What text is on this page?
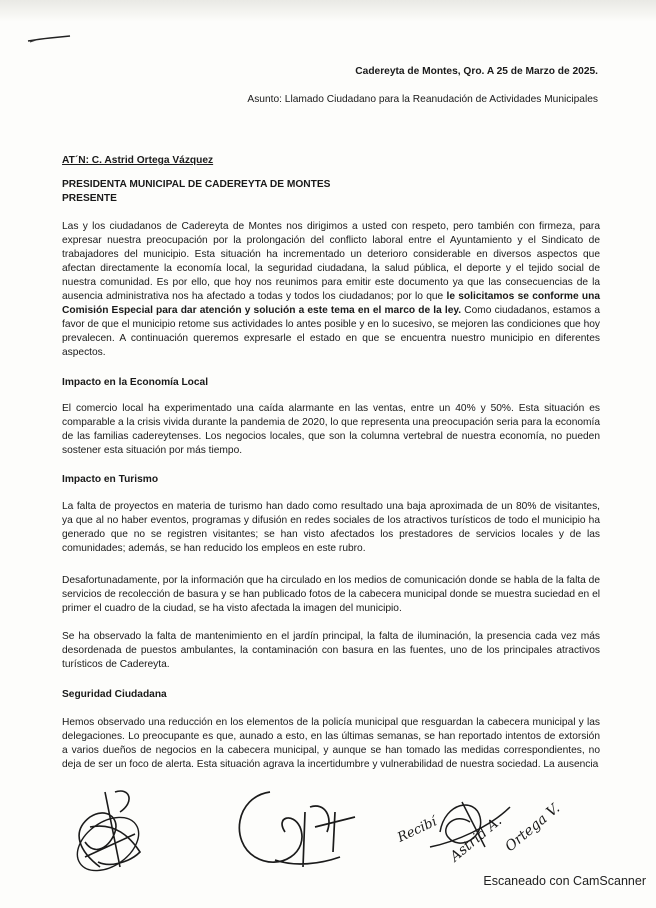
Cadereyta de Montes, Qro. A 25 de Marzo de 2025.
Asunto: Llamado Ciudadano para la Reanudación de Actividades Municipales
AT´N: C. Astrid Ortega Vázquez

PRESIDENTA MUNICIPAL DE CADEREYTA DE MONTES

PRESENTE

Las y los ciudadanos de Cadereyta de Montes nos dirigimos a usted con respeto, pero también con firmeza, para expresar nuestra preocupación por la prolongación del conflicto laboral entre el Ayuntamiento y el Sindicato de trabajadores del municipio. Esta situación ha incrementado un deterioro considerable en diversos aspectos que afectan directamente la economía local, la seguridad ciudadana, la salud pública, el deporte y el tejido social de nuestra comunidad. Es por ello, que hoy nos reunimos para emitir este documento ya que las consecuencias de la ausencia administrativa nos ha afectado a todas y todos los ciudadanos; por lo que le solicitamos se conforme una Comisión Especial para dar atención y solución a este tema en el marco de la ley. Como ciudadanos, estamos a favor de que el municipio retome sus actividades lo antes posible y en lo sucesivo, se mejoren las condiciones que hoy prevalecen. A continuación queremos expresarle el estado en que se encuentra nuestro municipio en diferentes aspectos.

Impacto en la Economía Local

El comercio local ha experimentado una caída alarmante en las ventas, entre un 40% y 50%. Esta situación es comparable a la crisis vivida durante la pandemia de 2020, lo que representa una preocupación seria para la economía de las familias cadereytenses. Los negocios locales, que son la columna vertebral de nuestra economía, no pueden sostener esta situación por más tiempo.

Impacto en Turismo

La falta de proyectos en materia de turismo han dado como resultado una baja aproximada de un 80% de visitantes, ya que al no haber eventos, programas y difusión en redes sociales de los atractivos turísticos de todo el municipio ha generado que no se registren visitantes; se han visto afectados los prestadores de servicios locales y de las comunidades; además, se han reducido los empleos en este rubro.

Desafortunadamente, por la información que ha circulado en los medios de comunicación donde se habla de la falta de servicios de recolección de basura y se han publicado fotos de la cabecera municipal donde se muestra suciedad en el primer el cuadro de la ciudad, se ha visto afectada la imagen del municipio.

Se ha observado la falta de mantenimiento en el jardín principal, la falta de iluminación, la presencia cada vez más desordenada de puestos ambulantes, la contaminación con basura en las fuentes, uno de los principales atractivos turísticos de Cadereyta.

Seguridad Ciudadana

Hemos observado una reducción en los elementos de la policía municipal que resguardan la cabecera municipal y las delegaciones. Lo preocupante es que, aunado a esto, en las últimas semanas, se han reportado intentos de extorsión a varios dueños de negocios en la cabecera municipal, y aunque se han tomado las medidas correspondientes, no deja de ser un foco de alerta. Esta situación agrava la incertidumbre y vulnerabilidad de nuestra sociedad. La ausencia

Recibí Astrid A.
Ortega V.
Escaneado con CamScanner
